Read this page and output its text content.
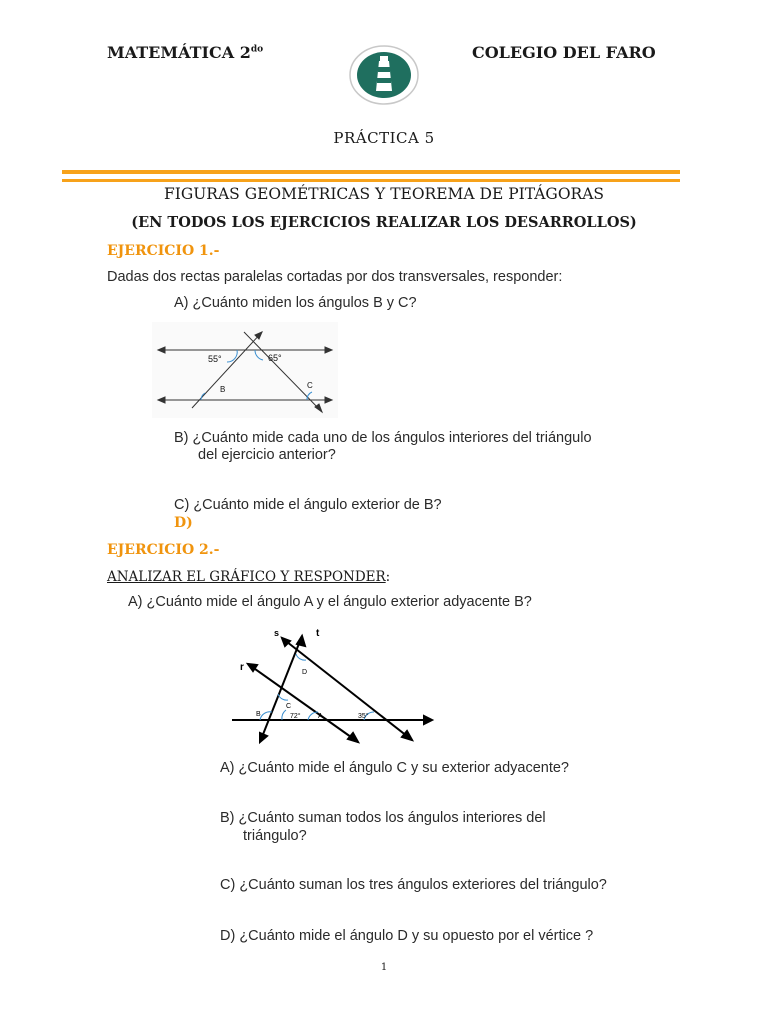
MATEMÁTICA $2^{do}$	COLEGIO DEL FARO
PRÁCTICA 5
FIGURAS GEOMÉTRICAS Y TEOREMA DE PITÁGORAS
(EN TODOS LOS EJERCICIOS REALIZAR LOS DESARROLLOS)
EJERCICIO 1.-
Dadas dos rectas paralelas cortadas por dos transversales, responder:
A) ¿Cuánto miden los ángulos B y C?
55°	65°
B	C
B) ¿Cuánto mide cada uno de los ángulos interiores del triángulo
del ejercicio anterior?
C) ¿Cuánto mide el ángulo exterior de B?
D)
EJERCICIO 2.-
ANALIZAR EL GRÁFICO Y RESPONDER:
A) ¿Cuánto mide el ángulo A y el ángulo exterior adyacente B?
s	t
r	D
C
B	72° A	35°
A) ¿Cuánto mide el ángulo C y su exterior adyacente?
B) ¿Cuánto suman todos los ángulos interiores del
triángulo?
C) ¿Cuánto suman los tres ángulos exteriores del triángulo?
D) ¿Cuánto mide el ángulo D y su opuesto por el vértice ?
1
